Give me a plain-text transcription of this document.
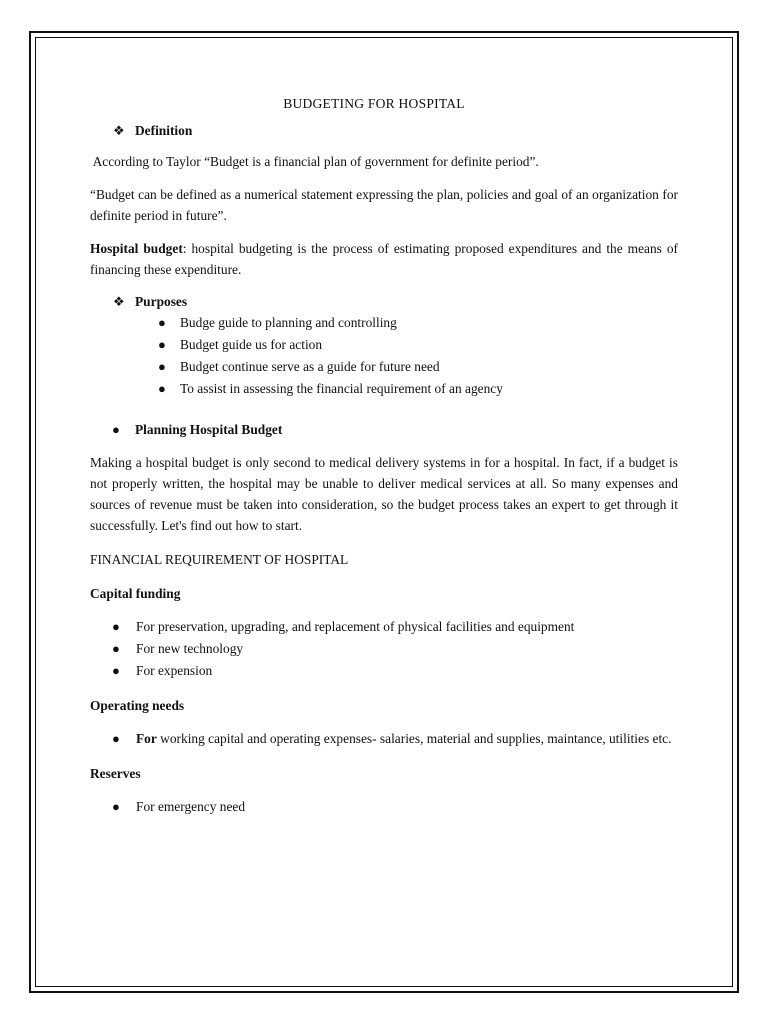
BUDGETING FOR HOSPITAL
❖ Definition

According to Taylor “Budget is a financial plan of government for definite period”.

“Budget can be defined as a numerical statement expressing the plan, policies and goal of an organization for definite period in future”.

Hospital budget: hospital budgeting is the process of estimating proposed expenditures and the means of financing these expenditure.

❖ Purposes
● Budge guide to planning and controlling
● Budget guide us for action
● Budget continue serve as a guide for future need
● To assist in assessing the financial requirement of an agency
● Planning Hospital Budget

Making a hospital budget is only second to medical delivery systems in for a hospital. In fact, if a budget is not properly written, the hospital may be unable to deliver medical services at all. So many expenses and sources of revenue must be taken into consideration, so the budget process takes an expert to get through it successfully. Let's find out how to start.

FINANCIAL REQUIREMENT OF HOSPITAL

Capital funding

● For preservation, upgrading, and replacement of physical facilities and equipment
● For new technology
● For expension

Operating needs

● For working capital and operating expenses- salaries, material and supplies, maintance, utilities etc.

Reserves

● For emergency need
